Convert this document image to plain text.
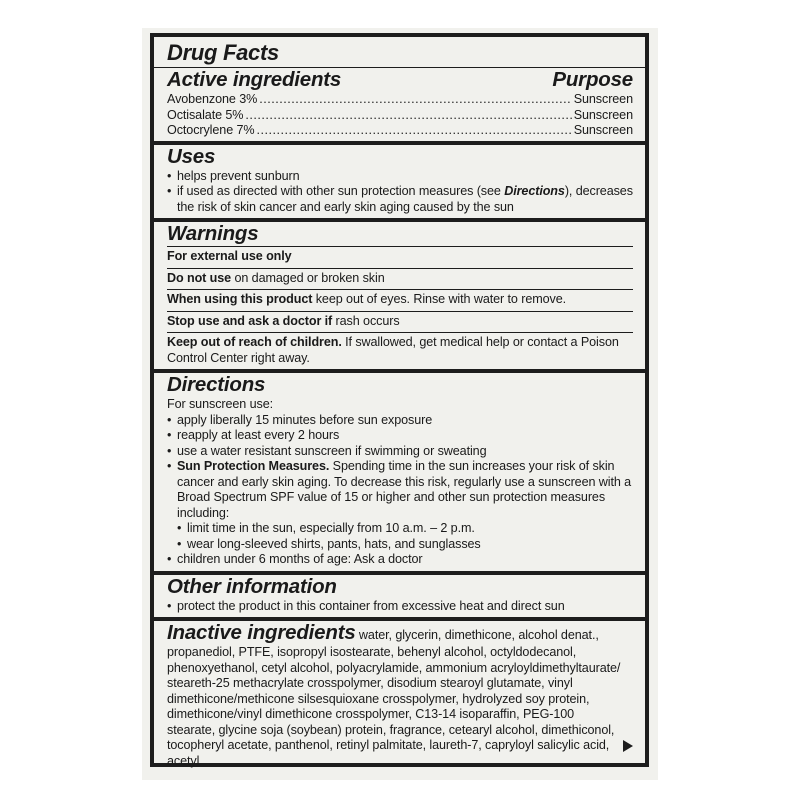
Drug Facts
Active ingredients	Purpose
Avobenzone 3% .....	Sunscreen
Octisalate 5% .....	Sunscreen
Octocrylene 7% .....	Sunscreen
Uses
• helps prevent sunburn
• if used as directed with other sun protection measures (see Directions), decreases the risk of skin cancer and early skin aging caused by the sun
Warnings
For external use only
Do not use on damaged or broken skin
When using this product keep out of eyes. Rinse with water to remove.
Stop use and ask a doctor if rash occurs
Keep out of reach of children. If swallowed, get medical help or contact a Poison Control Center right away.
Directions
For sunscreen use:
• apply liberally 15 minutes before sun exposure
• reapply at least every 2 hours
• use a water resistant sunscreen if swimming or sweating
• Sun Protection Measures. Spending time in the sun increases your risk of skin cancer and early skin aging. To decrease this risk, regularly use a sunscreen with a Broad Spectrum SPF value of 15 or higher and other sun protection measures including:
• limit time in the sun, especially from 10 a.m. – 2 p.m.
• wear long-sleeved shirts, pants, hats, and sunglasses
• children under 6 months of age: Ask a doctor
Other information
• protect the product in this container from excessive heat and direct sun
Inactive ingredients water, glycerin, dimethicone, alcohol denat., propanediol, PTFE, isopropyl isostearate, behenyl alcohol, octyldodecanol, phenoxyethanol, cetyl alcohol, polyacrylamide, ammonium acryloyldimethyltaurate/ steareth-25 methacrylate crosspolymer, disodium stearoyl glutamate, vinyl dimethicone/methicone silsesquioxane crosspolymer, hydrolyzed soy protein, dimethicone/vinyl dimethicone crosspolymer, C13-14 isoparaffin, PEG-100 stearate, glycine soja (soybean) protein, fragrance, cetearyl alcohol, dimethiconol, tocopheryl acetate, panthenol, retinyl palmitate, laureth-7, capryloyl salicylic acid, acetyl
